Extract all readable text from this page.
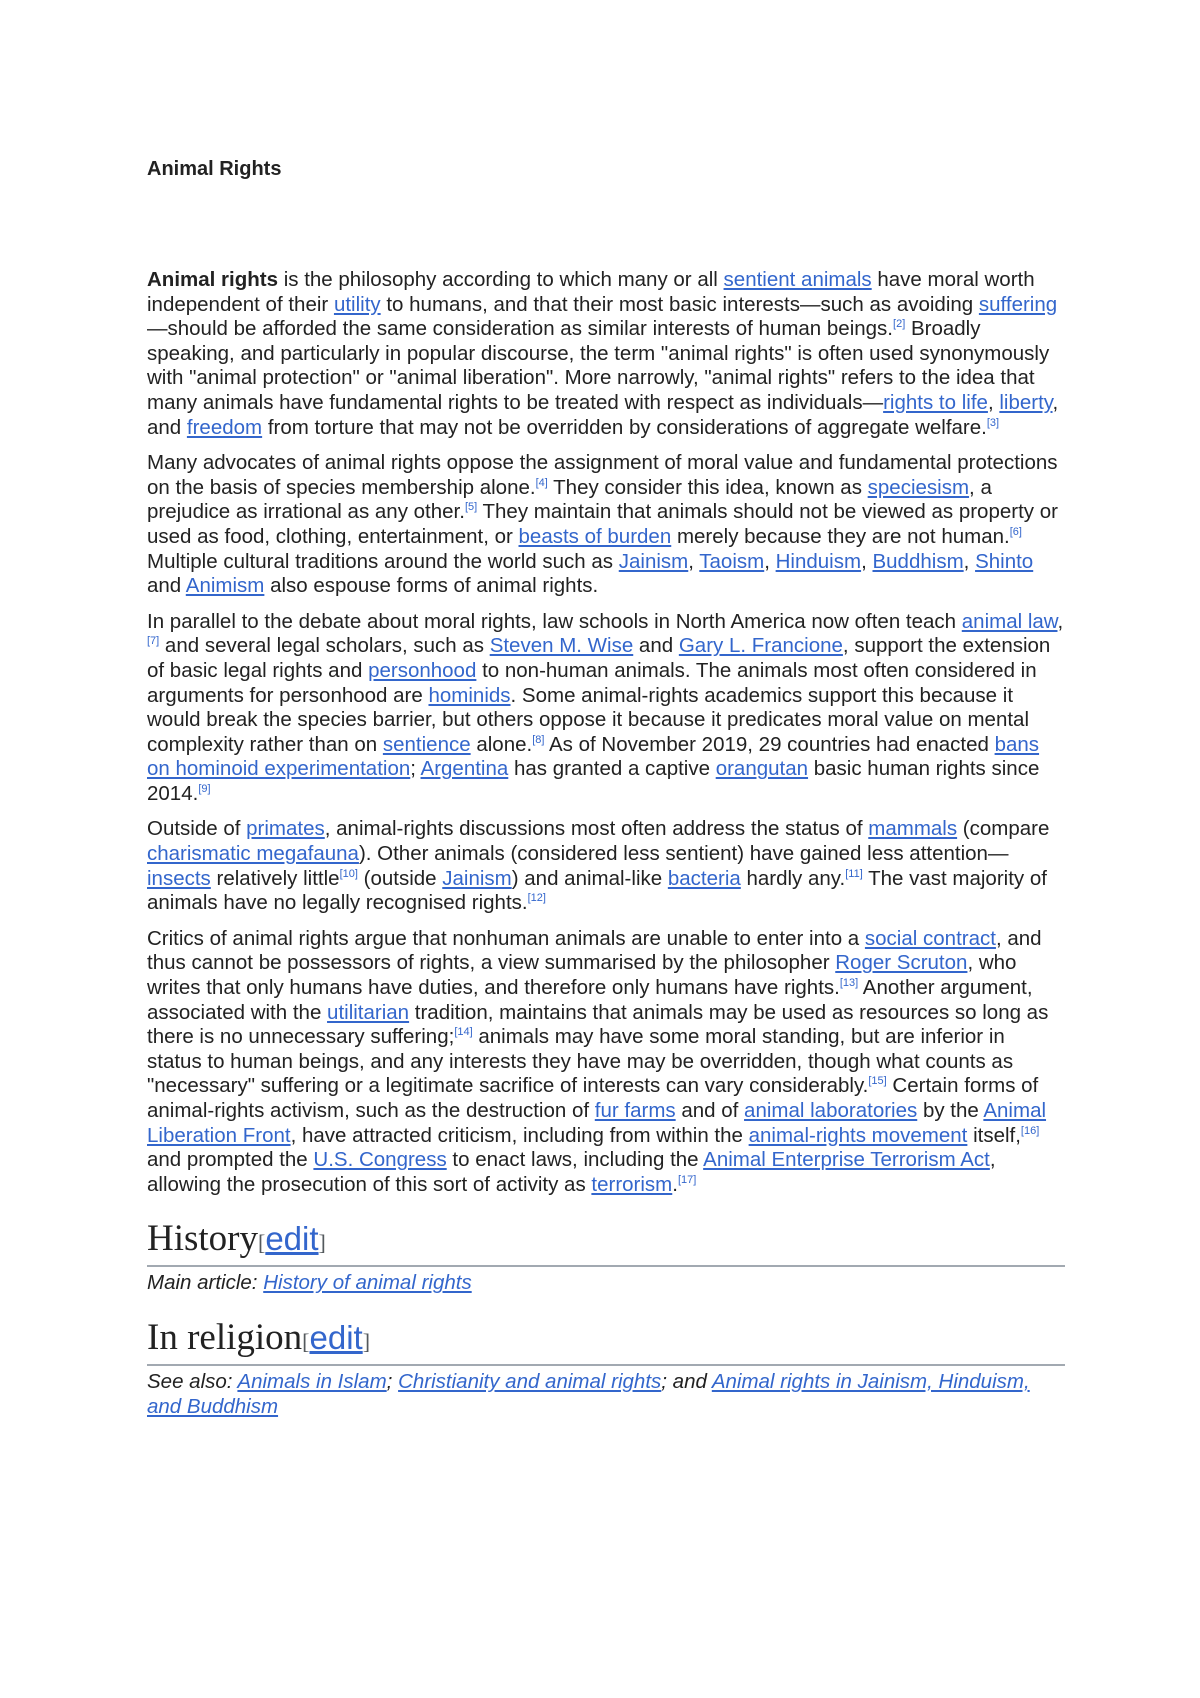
Animal Rights

Animal rights is the philosophy according to which many or all sentient animals have moral worth independent of their utility to humans, and that their most basic interests—such as avoiding suffering—should be afforded the same consideration as similar interests of human beings.[2] Broadly speaking, and particularly in popular discourse, the term "animal rights" is often used synonymously with "animal protection" or "animal liberation". More narrowly, "animal rights" refers to the idea that many animals have fundamental rights to be treated with respect as individuals—rights to life, liberty, and freedom from torture that may not be overridden by considerations of aggregate welfare.[3]

Many advocates of animal rights oppose the assignment of moral value and fundamental protections on the basis of species membership alone.[4] They consider this idea, known as speciesism, a prejudice as irrational as any other.[5] They maintain that animals should not be viewed as property or used as food, clothing, entertainment, or beasts of burden merely because they are not human.[6] Multiple cultural traditions around the world such as Jainism, Taoism, Hinduism, Buddhism, Shinto and Animism also espouse forms of animal rights.

In parallel to the debate about moral rights, law schools in North America now often teach animal law,[7] and several legal scholars, such as Steven M. Wise and Gary L. Francione, support the extension of basic legal rights and personhood to non-human animals. The animals most often considered in arguments for personhood are hominids. Some animal-rights academics support this because it would break the species barrier, but others oppose it because it predicates moral value on mental complexity rather than on sentience alone.[8] As of November 2019, 29 countries had enacted bans on hominoid experimentation; Argentina has granted a captive orangutan basic human rights since 2014.[9]

Outside of primates, animal-rights discussions most often address the status of mammals (compare charismatic megafauna). Other animals (considered less sentient) have gained less attention—insects relatively little[10] (outside Jainism) and animal-like bacteria hardly any.[11] The vast majority of animals have no legally recognised rights.[12]

Critics of animal rights argue that nonhuman animals are unable to enter into a social contract, and thus cannot be possessors of rights, a view summarised by the philosopher Roger Scruton, who writes that only humans have duties, and therefore only humans have rights.[13] Another argument, associated with the utilitarian tradition, maintains that animals may be used as resources so long as there is no unnecessary suffering;[14] animals may have some moral standing, but are inferior in status to human beings, and any interests they have may be overridden, though what counts as "necessary" suffering or a legitimate sacrifice of interests can vary considerably.[15] Certain forms of animal-rights activism, such as the destruction of fur farms and of animal laboratories by the Animal Liberation Front, have attracted criticism, including from within the animal-rights movement itself,[16] and prompted the U.S. Congress to enact laws, including the Animal Enterprise Terrorism Act, allowing the prosecution of this sort of activity as terrorism.[17]

History[edit]
Main article: History of animal rights
In religion[edit]
See also: Animals in Islam; Christianity and animal rights; and Animal rights in Jainism, Hinduism, and Buddhism
